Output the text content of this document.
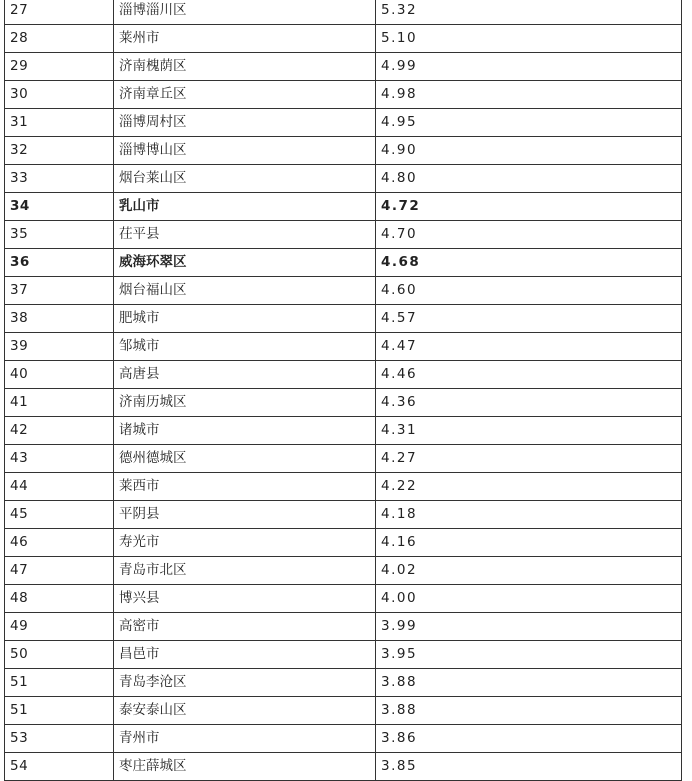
27	淄博淄川区	5.32
28	莱州市	5.10
29	济南槐荫区	4.99
30	济南章丘区	4.98
31	淄博周村区	4.95
32	淄博博山区	4.90
33	烟台莱山区	4.80
34	乳山市	4.72
35	茌平县	4.70
36	威海环翠区	4.68
37	烟台福山区	4.60
38	肥城市	4.57
39	邹城市	4.47
40	高唐县	4.46
41	济南历城区	4.36
42	诸城市	4.31
43	德州德城区	4.27
44	莱西市	4.22
45	平阴县	4.18
46	寿光市	4.16
47	青岛市北区	4.02
48	博兴县	4.00
49	高密市	3.99
50	昌邑市	3.95
51	青岛李沧区	3.88
51	泰安泰山区	3.88
53	青州市	3.86
54	枣庄薛城区	3.85
